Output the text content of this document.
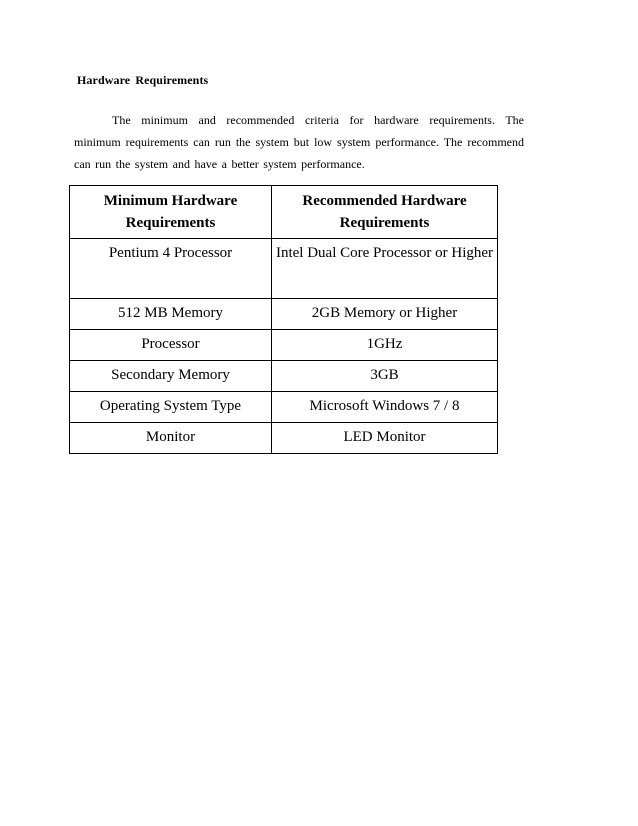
Hardware Requirements

The minimum and recommended criteria for hardware requirements. The minimum requirements can run the system but low system performance. The recommend can run the system and have a better system performance.

Minimum Hardware Requirements	Recommended Hardware Requirements
Pentium 4 Processor	Intel Dual Core Processor or Higher
512 MB Memory	2GB Memory or Higher
Processor	1GHz
Secondary Memory	3GB
Operating System Type	Microsoft Windows 7 / 8
Monitor	LED Monitor
